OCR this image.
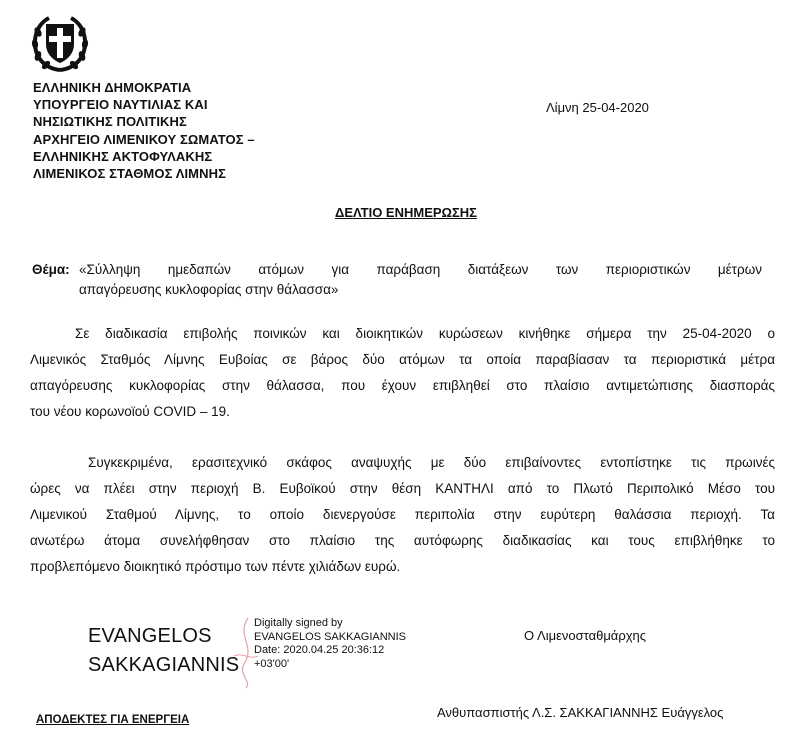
ΕΛΛΗΝΙΚΗ ΔΗΜΟΚΡΑΤΙΑ
ΥΠΟΥΡΓΕΙΟ ΝΑΥΤΙΛΙΑΣ ΚΑΙ
ΝΗΣΙΩΤΙΚΗΣ ΠΟΛΙΤΙΚΗΣ
ΑΡΧΗΓΕΙΟ ΛΙΜΕΝΙΚΟΥ ΣΩΜΑΤΟΣ –
ΕΛΛΗΝΙΚΗΣ ΑΚΤΟΦΥΛΑΚΗΣ
ΛΙΜΕΝΙΚΟΣ ΣΤΑΘΜΟΣ ΛΙΜΝΗΣ
Λίμνη 25-04-2020
ΔΕΛΤΙΟ ΕΝΗΜΕΡΩΣΗΣ
Θέμα: «Σύλληψη ημεδαπών ατόμων για παράβαση διατάξεων των περιοριστικών μέτρων
απαγόρευσης κυκλοφορίας στην θάλασσα»
Σε διαδικασία επιβολής ποινικών και διοικητικών κυρώσεων κινήθηκε σήμερα την 25-04-2020 ο
Λιμενικός Σταθμός Λίμνης Ευβοίας σε βάρος δύο ατόμων τα οποία παραβίασαν τα περιοριστικά μέτρα
απαγόρευσης κυκλοφορίας στην θάλασσα, που έχουν επιβληθεί στο πλαίσιο αντιμετώπισης διασποράς
του νέου κορωνοϊού COVID – 19.
Συγκεκριμένα, ερασιτεχνικό σκάφος αναψυχής με δύο επιβαίνοντες εντοπίστηκε τις πρωινές
ώρες να πλέει στην περιοχή Β. Ευβοϊκού στην θέση ΚΑΝΤΗΛΙ από το Πλωτό Περιπολικό Μέσο του
Λιμενικού Σταθμού Λίμνης, το οποίο διενεργούσε περιπολία στην ευρύτερη θαλάσσια περιοχή. Τα
ανωτέρω άτομα συνελήφθησαν στο πλαίσιο της αυτόφωρης διαδικασίας και τους επιβλήθηκε το
προβλεπόμενο διοικητικό πρόστιμο των πέντε χιλιάδων ευρώ.
EVANGELOS
SAKKAGIANNIS
Digitally signed by
EVANGELOS SAKKAGIANNIS
Date: 2020.04.25 20:36:12
+03'00'
Ο Λιμενοσταθμάρχης
Ανθυπασπιστής Λ.Σ. ΣΑΚΚΑΓΙΑΝΝΗΣ Ευάγγελος
ΑΠΟΔΕΚΤΕΣ ΓΙΑ ΕΝΕΡΓΕΙΑ
